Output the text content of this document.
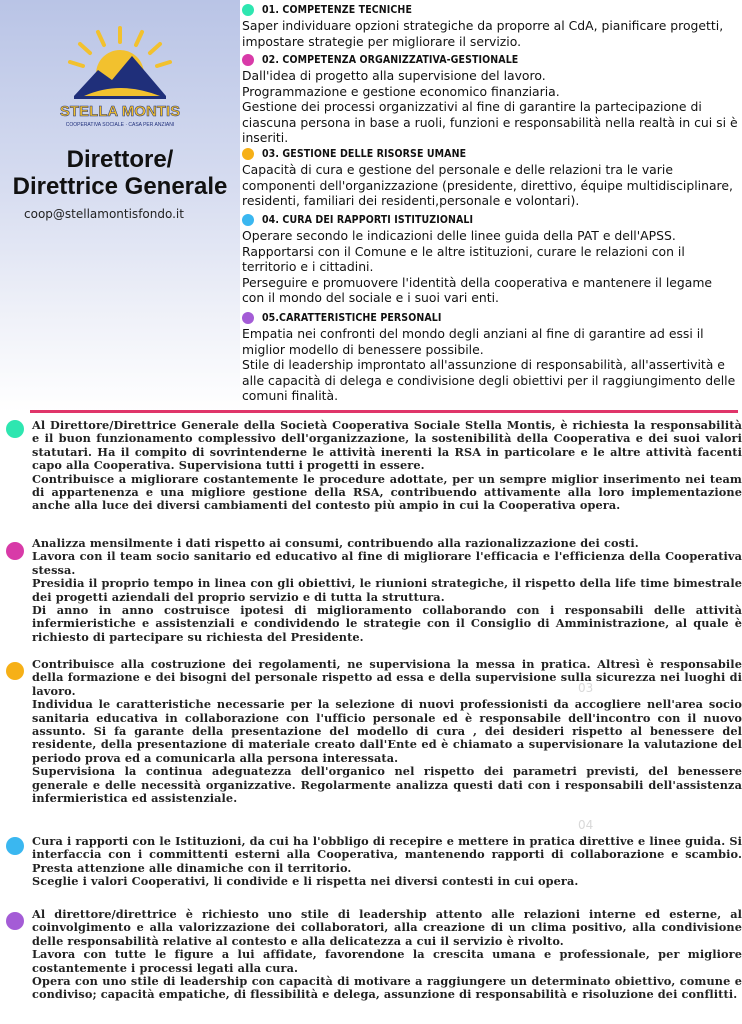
STELLA MONTIS
COOPERATIVA SOCIALE · CASA PER ANZIANI
Direttore/
Direttrice Generale
coop@stellamontisfondo.it
01. COMPETENZE TECNICHE
Saper individuare opzioni strategiche da proporre al CdA, pianificare progetti, impostare strategie per migliorare il servizio.
02. COMPETENZA ORGANIZZATIVA-GESTIONALE
Dall'idea di progetto alla supervisione del lavoro.
Programmazione e gestione economico finanziaria.
Gestione dei processi organizzativi al fine di garantire la partecipazione di ciascuna persona in base a ruoli, funzioni e responsabilità nella realtà in cui si è inseriti.
03. GESTIONE DELLE RISORSE UMANE
Capacità di cura e gestione del personale e delle relazioni tra le varie componenti dell'organizzazione (presidente, direttivo, équipe multidisciplinare, residenti, familiari dei residenti,personale e volontari).
04. CURA DEI RAPPORTI ISTITUZIONALI
Operare secondo le indicazioni delle linee guida della PAT e dell'APSS.
Rapportarsi con il Comune e le altre istituzioni, curare le relazioni con il territorio e i cittadini.
Perseguire e promuovere l'identità della cooperativa e mantenere il legame con il mondo del sociale e i suoi vari enti.
05.CARATTERISTICHE PERSONALI
Empatia nei confronti del mondo degli anziani al fine di garantire ad essi il miglior modello di benessere possibile.
Stile di leadership improntato all'assunzione di responsabilità, all'assertività e alle capacità di delega e condivisione degli obiettivi per il raggiungimento delle comuni finalità.
Al Direttore/Direttrice Generale della Società Cooperativa Sociale Stella Montis, è richiesta la responsabilità e il buon funzionamento complessivo dell'organizzazione, la sostenibilità della Cooperativa e dei suoi valori statutari. Ha il compito di sovrintenderne le attività inerenti la RSA in particolare e le altre attività facenti capo alla Cooperativa. Supervisiona tutti i progetti in essere.
Contribuisce a migliorare costantemente le procedure adottate, per un sempre miglior inserimento nei team di appartenenza e una migliore gestione della RSA, contribuendo attivamente alla loro implementazione anche alla luce dei diversi cambiamenti del contesto più ampio in cui la Cooperativa opera.
Analizza mensilmente i dati rispetto ai consumi, contribuendo alla razionalizzazione dei costi.
Lavora con il team socio sanitario ed educativo al fine di migliorare l'efficacia e l'efficienza della Cooperativa stessa.
Presidia il proprio tempo in linea con gli obiettivi, le riunioni strategiche, il rispetto della life time bimestrale dei progetti aziendali del proprio servizio e di tutta la struttura.
Di anno in anno costruisce ipotesi di miglioramento collaborando con i responsabili delle attività infermieristiche e assistenziali e condividendo le strategie con il Consiglio di Amministrazione, al quale è richiesto di partecipare su richiesta del Presidente.
Contribuisce alla costruzione dei regolamenti, ne supervisiona la messa in pratica. Altresì è responsabile della formazione e dei bisogni del personale rispetto ad essa e della supervisione sulla sicurezza nei luoghi di lavoro.
Individua le caratteristiche necessarie per la selezione di nuovi professionisti da accogliere nell'area socio sanitaria educativa in collaborazione con l'ufficio personale ed è responsabile dell'incontro con il nuovo assunto. Si fa garante della presentazione del modello di cura , dei desideri rispetto al benessere del residente, della presentazione di materiale creato dall'Ente ed è chiamato a supervisionare la valutazione del periodo prova ed a comunicarla alla persona interessata.
Supervisiona la continua adeguatezza dell'organico nel rispetto dei parametri previsti, del benessere generale e delle necessità organizzative. Regolarmente analizza questi dati con i responsabili dell'assistenza infermieristica ed assistenziale.
Cura i rapporti con le Istituzioni, da cui ha l'obbligo di recepire e mettere in pratica direttive e linee guida. Si interfaccia con i committenti esterni alla Cooperativa, mantenendo rapporti di collaborazione e scambio. Presta attenzione alle dinamiche con il territorio.
Sceglie i valori Cooperativi, li condivide e li rispetta nei diversi contesti in cui opera.
Al direttore/direttrice è richiesto uno stile di leadership attento alle relazioni interne ed esterne, al coinvolgimento e alla valorizzazione dei collaboratori, alla creazione di un clima positivo, alla condivisione delle responsabilità relative al contesto e alla delicatezza a cui il servizio è rivolto.
Lavora con tutte le figure a lui affidate, favorendone la crescita umana e professionale, per migliore costantemente i processi legati alla cura.
Opera con uno stile di leadership con capacità di motivare a raggiungere un determinato obiettivo, comune e condiviso; capacità empatiche, di flessibilità e delega, assunzione di responsabilità e risoluzione dei conflitti.
03
04
